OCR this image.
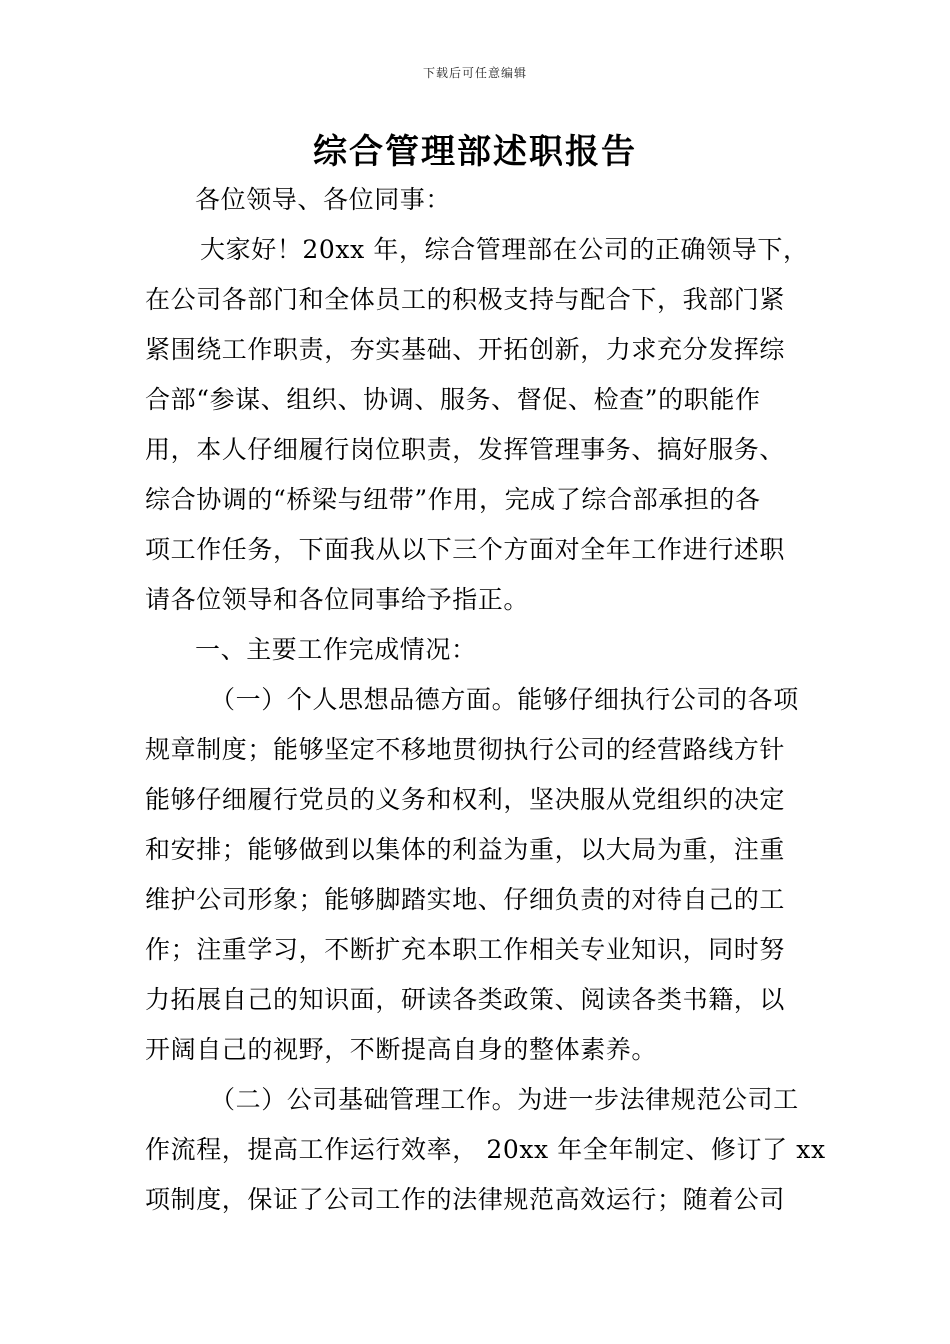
下载后可任意编辑
综合管理部述职报告
各位领导、各位同事：
大家好！20xx 年，综合管理部在公司的正确领导下，
在公司各部门和全体员工的积极支持与配合下，我部门紧
紧围绕工作职责，夯实基础、开拓创新，力求充分发挥综
合部“参谋、组织、协调、服务、督促、检查”的职能作
用，本人仔细履行岗位职责，发挥管理事务、搞好服务、
综合协调的“桥梁与纽带”作用，完成了综合部承担的各
项工作任务，下面我从以下三个方面对全年工作进行述职
请各位领导和各位同事给予指正。
一、主要工作完成情况：
（一）个人思想品德方面。能够仔细执行公司的各项
规章制度；能够坚定不移地贯彻执行公司的经营路线方针
能够仔细履行党员的义务和权利，坚决服从党组织的决定
和安排；能够做到以集体的利益为重，以大局为重，注重
维护公司形象；能够脚踏实地、仔细负责的对待自己的工
作；注重学习，不断扩充本职工作相关专业知识，同时努
力拓展自己的知识面，研读各类政策、阅读各类书籍，以
开阔自己的视野，不断提高自身的整体素养。
（二）公司基础管理工作。为进一步法律规范公司工
作流程，提高工作运行效率， 20xx 年全年制定、修订了 xx
项制度，保证了公司工作的法律规范高效运行；随着公司
